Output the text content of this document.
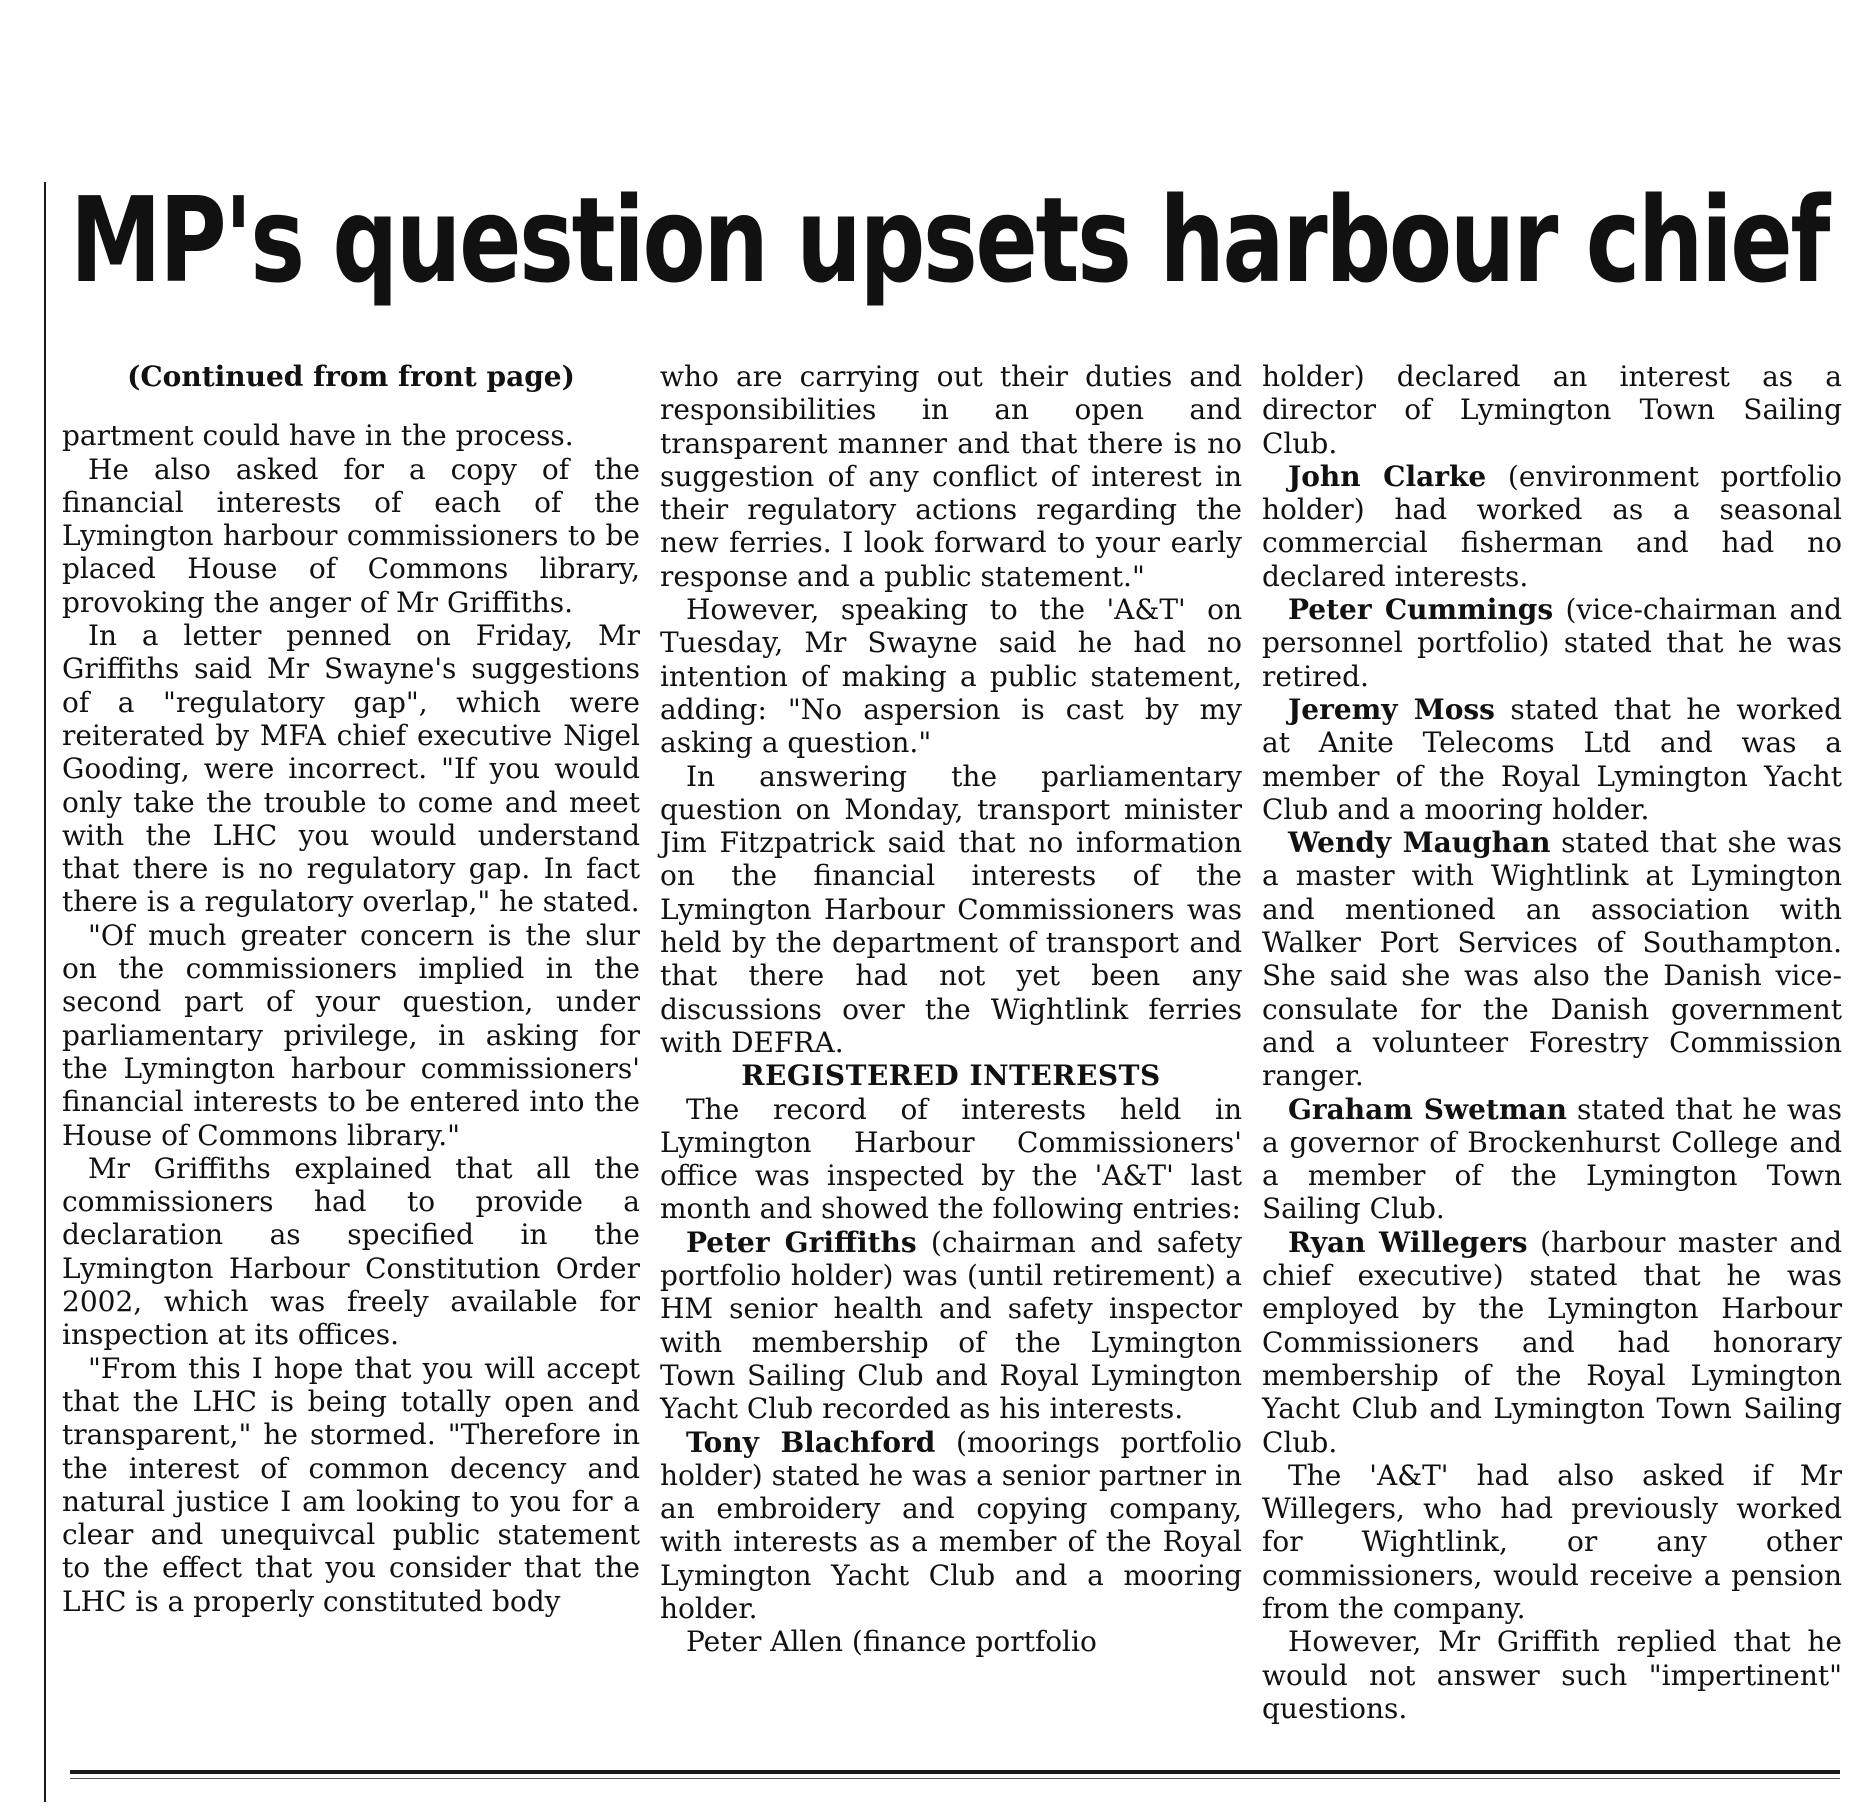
MP's question upsets harbour chief

(Continued from front page)

partment could have in the process.

He also asked for a copy of the financial interests of each of the Lymington harbour commissioners to be placed House of Commons library, provoking the anger of Mr Griffiths.

In a letter penned on Friday, Mr Griffiths said Mr Swayne's suggestions of a "regulatory gap", which were reiterated by MFA chief executive Nigel Gooding, were incorrect. "If you would only take the trouble to come and meet with the LHC you would understand that there is no regulatory gap. In fact there is a regulatory overlap," he stated.

"Of much greater concern is the slur on the commissioners implied in the second part of your question, under parliamentary privilege, in asking for the Lymington harbour commissioners' financial interests to be entered into the House of Commons library."

Mr Griffiths explained that all the commissioners had to provide a declaration as specified in the Lymington Harbour Constitution Order 2002, which was freely available for inspection at its offices.

"From this I hope that you will accept that the LHC is being totally open and transparent," he stormed. "Therefore in the interest of common decency and natural justice I am looking to you for a clear and unequivcal public statement to the effect that you consider that the LHC is a properly constituted body

who are carrying out their duties and responsibilities in an open and transparent manner and that there is no suggestion of any conflict of interest in their regulatory actions regarding the new ferries. I look forward to your early response and a public statement."

However, speaking to the 'A&T' on Tuesday, Mr Swayne said he had no intention of making a public statement, adding: "No aspersion is cast by my asking a question."

In answering the parliamentary question on Monday, transport minister Jim Fitzpatrick said that no information on the financial interests of the Lymington Harbour Commissioners was held by the department of transport and that there had not yet been any discussions over the Wightlink ferries with DEFRA.

REGISTERED INTERESTS

The record of interests held in Lymington Harbour Commissioners' office was inspected by the 'A&T' last month and showed the following entries:

Peter Griffiths (chairman and safety portfolio holder) was (until retirement) a HM senior health and safety inspector with membership of the Lymington Town Sailing Club and Royal Lymington Yacht Club recorded as his interests.

Tony Blachford (moorings portfolio holder) stated he was a senior partner in an embroidery and copying company, with interests as a member of the Royal Lymington Yacht Club and a mooring holder.

Peter Allen (finance portfolio

holder) declared an interest as a director of Lymington Town Sailing Club.

John Clarke (environment portfolio holder) had worked as a seasonal commercial fisherman and had no declared interests.

Peter Cummings (vice-chairman and personnel portfolio) stated that he was retired.

Jeremy Moss stated that he worked at Anite Telecoms Ltd and was a member of the Royal Lymington Yacht Club and a mooring holder.

Wendy Maughan stated that she was a master with Wightlink at Lymington and mentioned an association with Walker Port Services of Southampton. She said she was also the Danish vice-consulate for the Danish government and a volunteer Forestry Commission ranger.

Graham Swetman stated that he was a governor of Brockenhurst College and a member of the Lymington Town Sailing Club.

Ryan Willegers (harbour master and chief executive) stated that he was employed by the Lymington Harbour Commissioners and had honorary membership of the Royal Lymington Yacht Club and Lymington Town Sailing Club.

The 'A&T' had also asked if Mr Willegers, who had previously worked for Wightlink, or any other commissioners, would receive a pension from the company.

However, Mr Griffith replied that he would not answer such "impertinent" questions.
